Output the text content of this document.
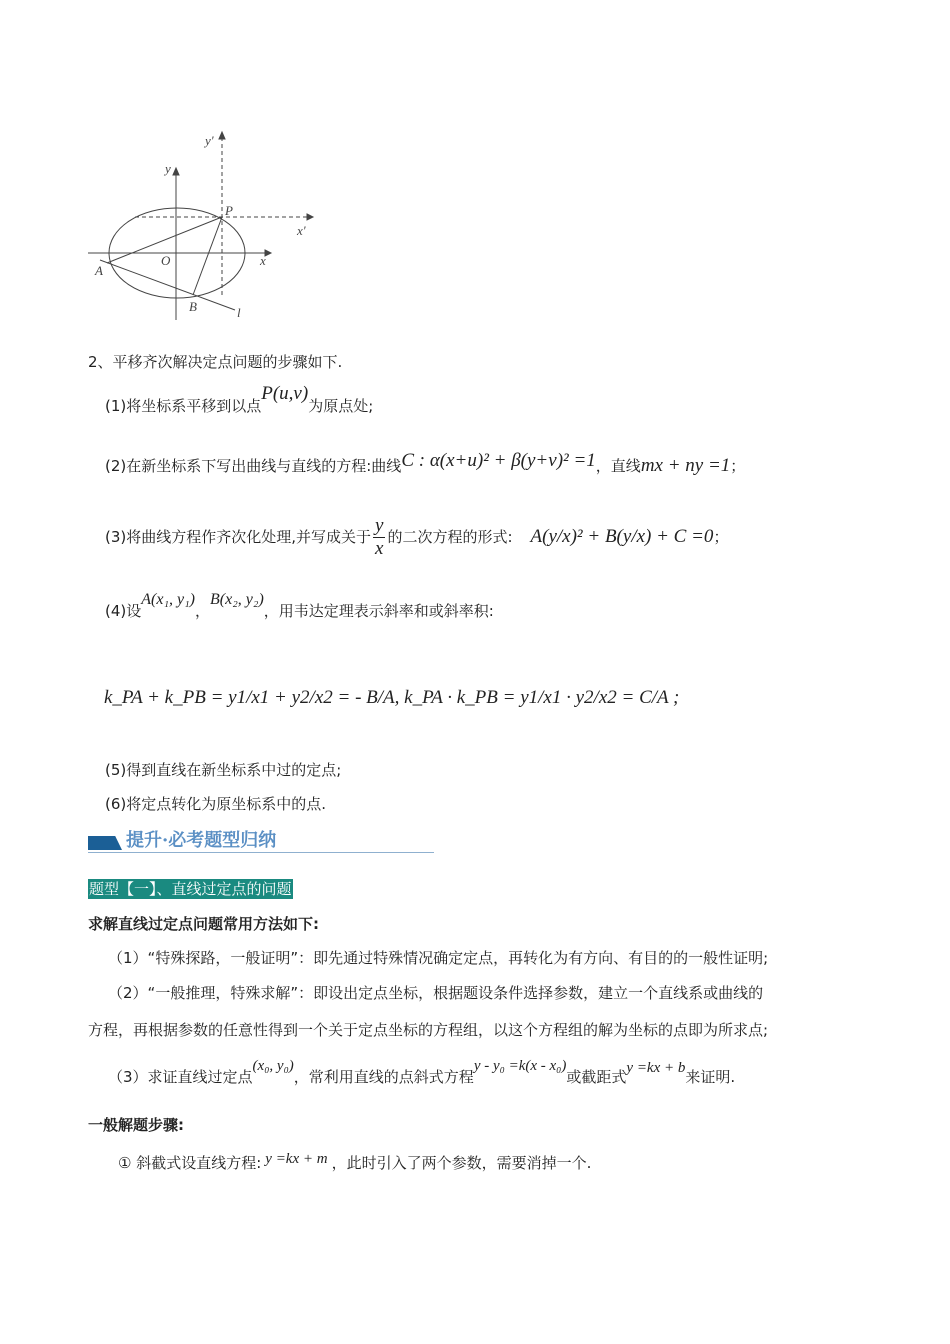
y'
y
P
x'
O	x
A
B	l
2、平移齐次解决定点问题的步骤如下.
(1)将坐标系平移到以点P(u,v)为原点处;
(2)在新坐标系下写出曲线与直线的方程:曲线C : α(x+u)² + β(y+v)² =1，直线mx + ny =1；
(3)将曲线方程作齐次化处理,并写成关于 $\frac{y}{x}$ 的二次方程的形式: A(y/x)² + B(y/x) + C =0；
(4)设A(x₁, y₁)，B(x₂, y₂)，用韦达定理表示斜率和或斜率积:
k_PA + k_PB = y1/x1 + y2/x2 = - B/A, k_PA · k_PB = y1/x1 · y2/x2 = C/A ;
(5)得到直线在新坐标系中过的定点;
(6)将定点转化为原坐标系中的点.
提升·必考题型归纳
题型【一】、直线过定点的问题
求解直线过定点问题常用方法如下:
（1）“特殊探路，一般证明”：即先通过特殊情况确定定点，再转化为有方向、有目的的一般性证明;
（2）“一般推理，特殊求解”：即设出定点坐标，根据题设条件选择参数，建立一个直线系或曲线的
方程，再根据参数的任意性得到一个关于定点坐标的方程组，以这个方程组的解为坐标的点即为所求点;
（3）求证直线过定点(x₀, y₀)，常利用直线的点斜式方程y - y₀ =k(x - x₀)或截距式y =kx + b来证明.
一般解题步骤:
① 斜截式设直线方程: y =kx + m ，此时引入了两个参数，需要消掉一个.
